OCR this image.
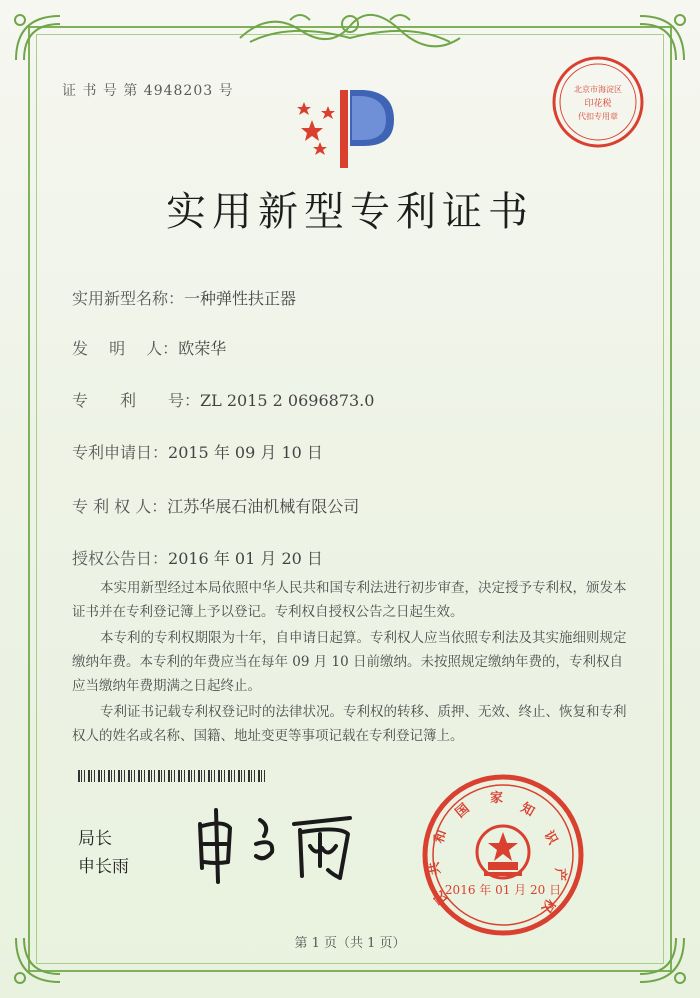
证 书 号 第 4948203 号	北京市海淀区
印花税
代扣专用章
实用新型专利证书
实用新型名称：一种弹性扶正器
发　 明　 人：欧荣华
专　　利　　号：ZL 2015 2 0696873.0
专利申请日：2015 年 09 月 10 日
专 利 权 人：江苏华展石油机械有限公司
授权公告日：2016 年 01 月 20 日
本实用新型经过本局依照中华人民共和国专利法进行初步审查，决定授予专利权，颁发本证书并在专利登记簿上予以登记。专利权自授权公告之日起生效。
本专利的专利权期限为十年，自申请日起算。专利权人应当依照专利法及其实施细则规定缴纳年费。本专利的年费应当在每年 09 月 10 日前缴纳。未按照规定缴纳年费的，专利权自应当缴纳年费期满之日起终止。
专利证书记载专利权登记时的法律状况。专利权的转移、质押、无效、终止、恢复和专利权人的姓名或名称、国籍、地址变更等事项记载在专利登记簿上。
局长
申长雨
国
家
知
识
产
权
和
共
民
2016 年 01 月 20 日
第 1 页（共 1 页）
